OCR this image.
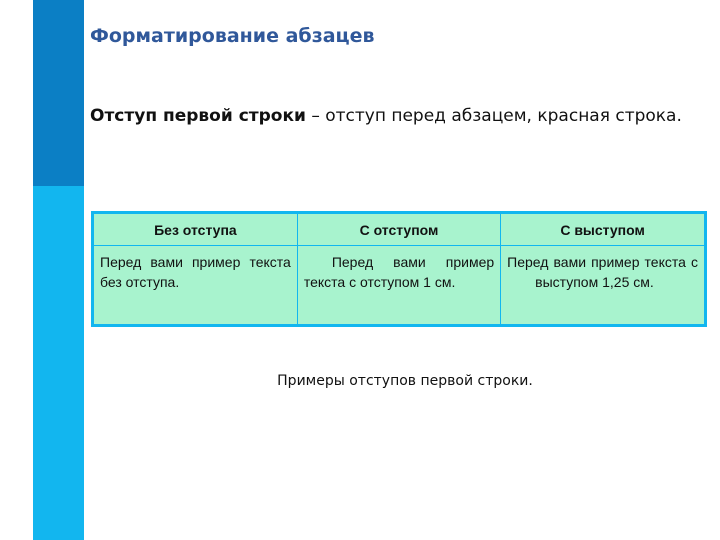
Форматирование абзацев
Отступ первой строки – отступ перед абзацем, красная строка.
Без отступа	С отступом	С выступом
Перед вами пример текста без отступа.	Перед вами пример текста с отступом 1 см.	Перед вами пример текста с выступом 1,25 см.
Примеры отступов первой строки.
